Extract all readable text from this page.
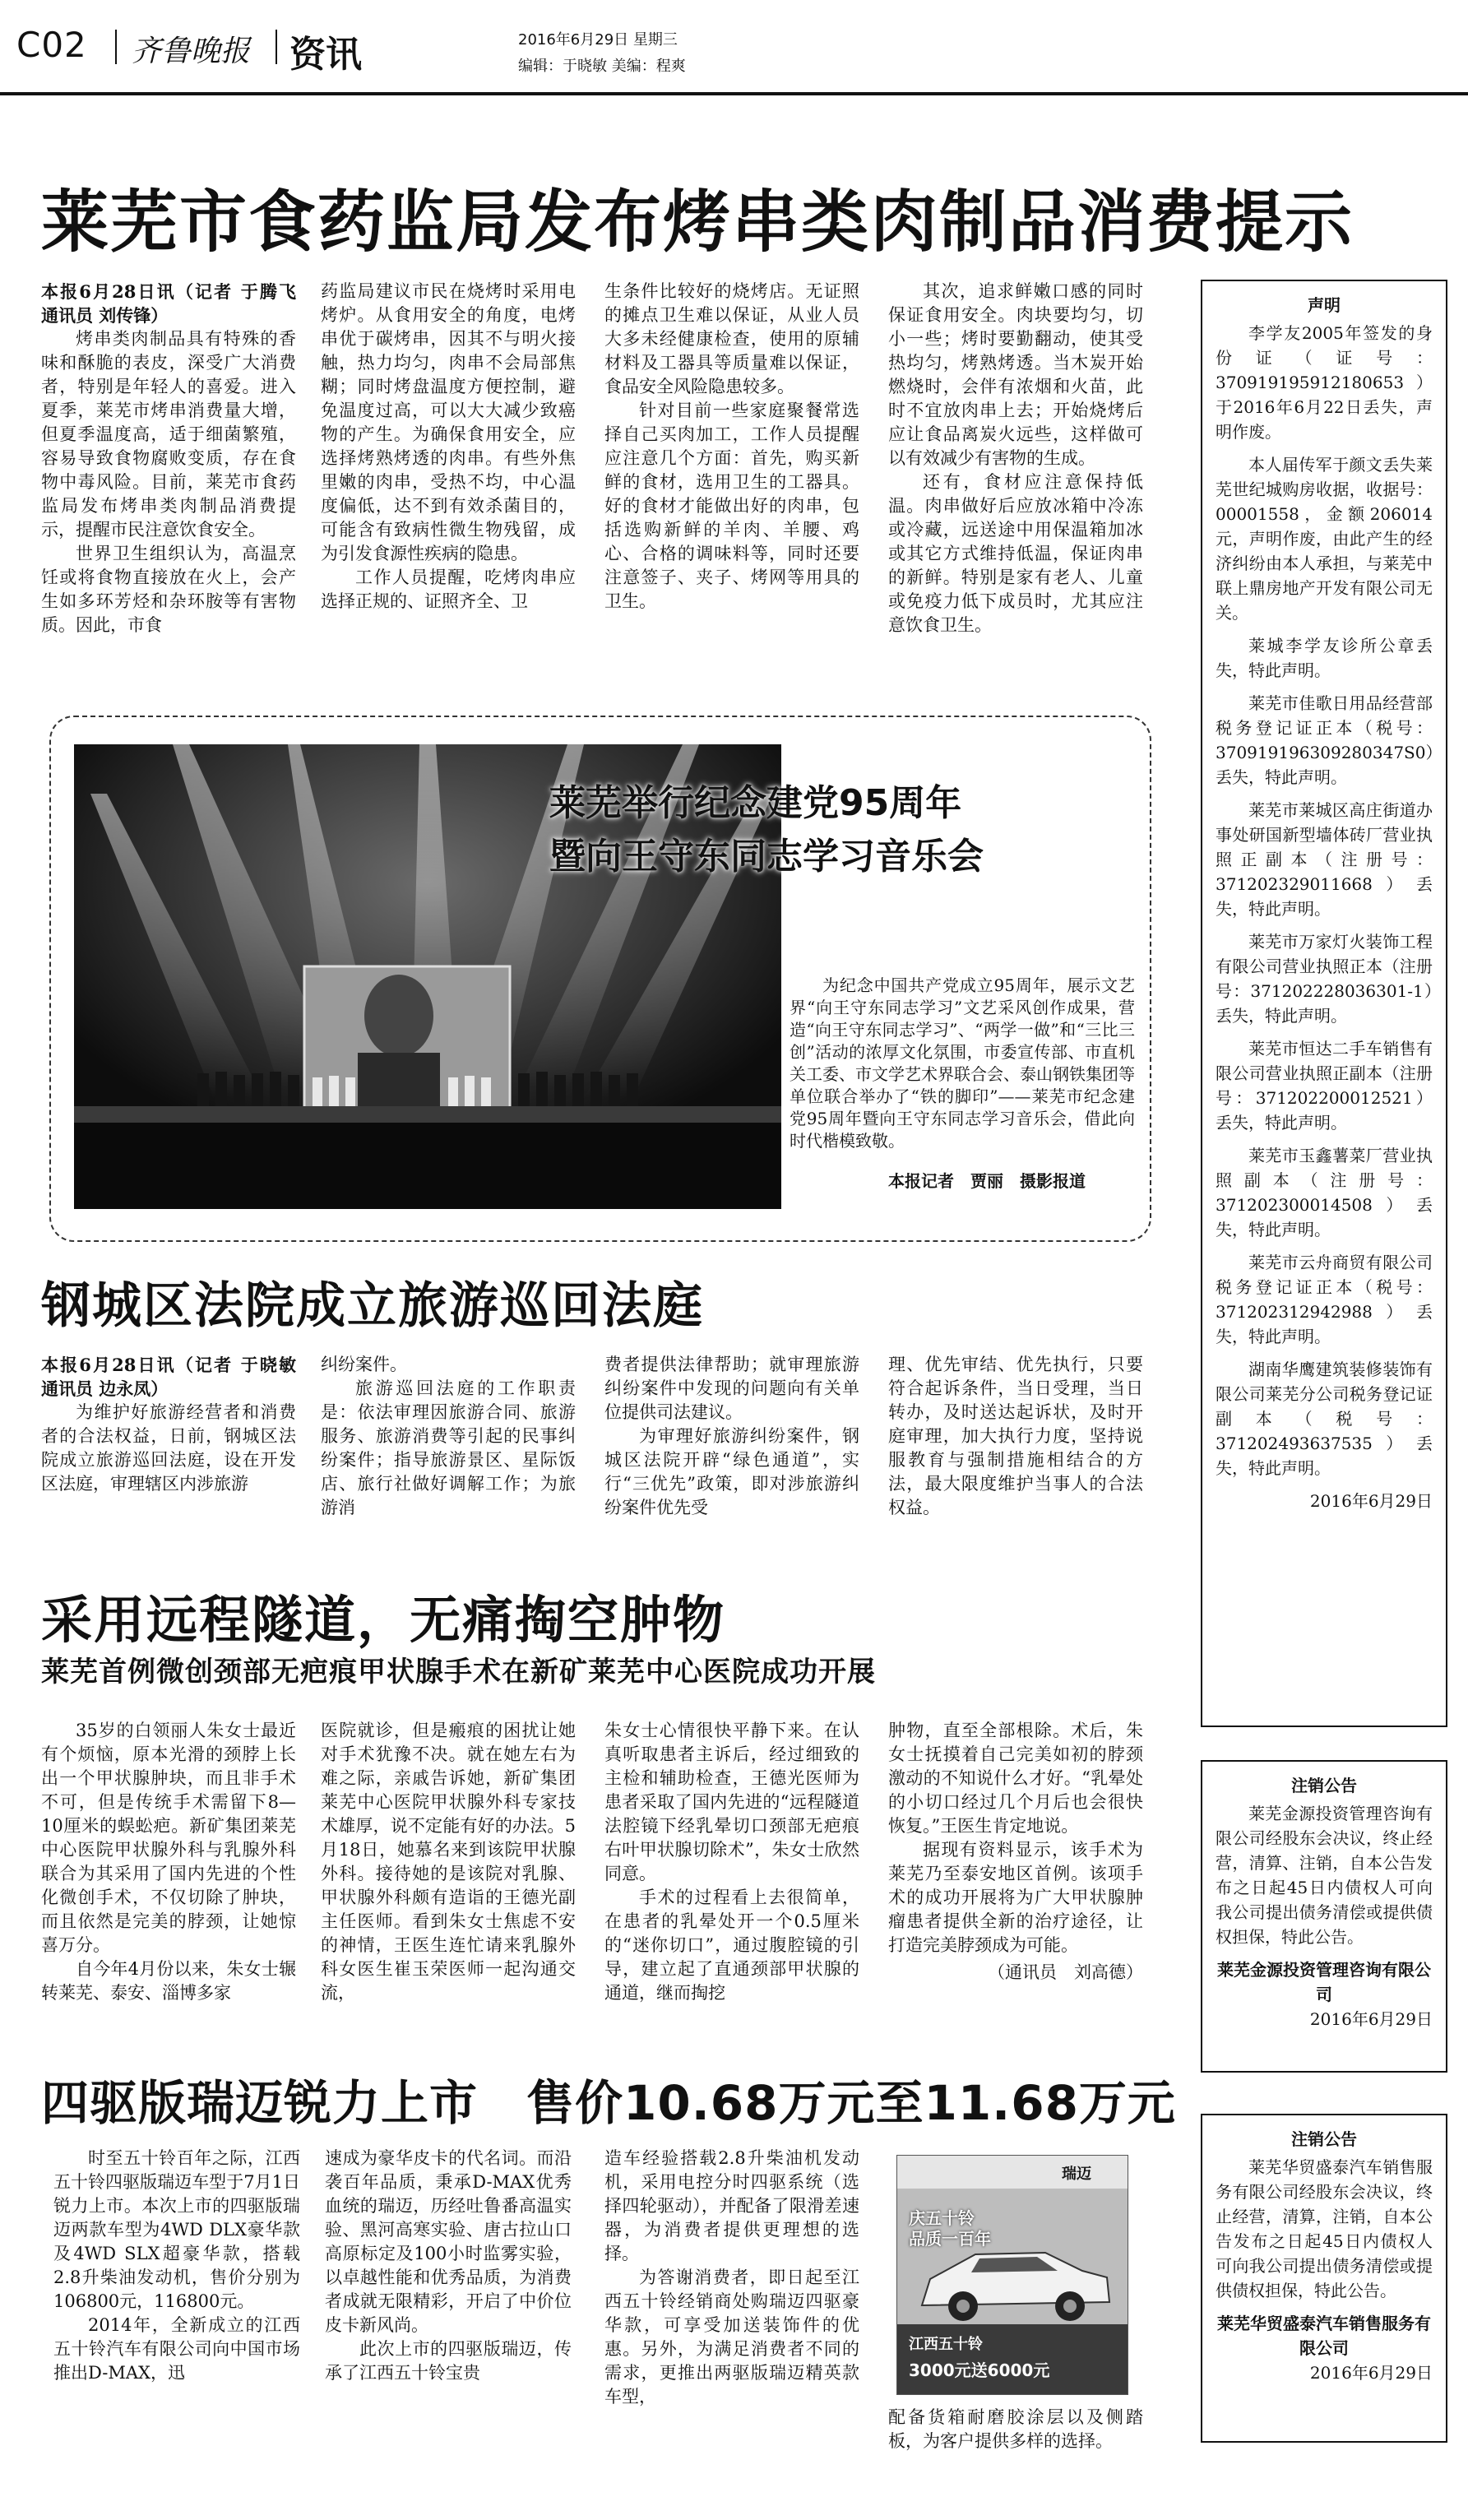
C02 齐鲁晚报 资讯	2016年6月29日 星期三
编辑：于晓敏 美编：程爽
莱芜市食药监局发布烤串类肉制品消费提示
本报6月28日讯（记者 于腾飞 通讯员 刘传锋）

烤串类肉制品具有特殊的香味和酥脆的表皮，深受广大消费者，特别是年轻人的喜爱。进入夏季，莱芜市烤串消费量大增，但夏季温度高，适于细菌繁殖，容易导致食物腐败变质，存在食物中毒风险。目前，莱芜市食药监局发布烤串类肉制品消费提示，提醒市民注意饮食安全。

世界卫生组织认为，高温烹饪或将食物直接放在火上，会产生如多环芳烃和杂环胺等有害物质。因此，市食

药监局建议市民在烧烤时采用电烤炉。从食用安全的角度，电烤串优于碳烤串，因其不与明火接触，热力均匀，肉串不会局部焦糊；同时烤盘温度方便控制，避免温度过高，可以大大减少致癌物的产生。为确保食用安全，应选择烤熟烤透的肉串。有些外焦里嫩的肉串，受热不均，中心温度偏低，达不到有效杀菌目的，可能含有致病性微生物残留，成为引发食源性疾病的隐患。

工作人员提醒，吃烤肉串应选择正规的、证照齐全、卫

生条件比较好的烧烤店。无证照的摊点卫生难以保证，从业人员大多未经健康检查，使用的原辅材料及工器具等质量难以保证，食品安全风险隐患较多。

针对目前一些家庭聚餐常选择自己买肉加工，工作人员提醒应注意几个方面：首先，购买新鲜的食材，选用卫生的工器具。好的食材才能做出好的肉串，包括选购新鲜的羊肉、羊腰、鸡心、合格的调味料等，同时还要注意签子、夹子、烤网等用具的卫生。

其次，追求鲜嫩口感的同时保证食用安全。肉块要均匀，切小一些；烤时要勤翻动，使其受热均匀，烤熟烤透。当木炭开始燃烧时，会伴有浓烟和火苗，此时不宜放肉串上去；开始烧烤后应让食品离炭火远些，这样做可以有效减少有害物的生成。

还有，食材应注意保持低温。肉串做好后应放冰箱中冷冻或冷藏，远送途中用保温箱加冰或其它方式维持低温，保证肉串的新鲜。特别是家有老人、儿童或免疫力低下成员时，尤其应注意饮食卫生。

莱芜举行纪念建党95周年
暨向王守东同志学习音乐会

为纪念中国共产党成立95周年，展示文艺界“向王守东同志学习”文艺采风创作成果，营造“向王守东同志学习”、“两学一做”和“三比三创”活动的浓厚文化氛围，市委宣传部、市直机关工委、市文学艺术界联合会、泰山钢铁集团等单位联合举办了“铁的脚印”——莱芜市纪念建党95周年暨向王守东同志学习音乐会，借此向时代楷模致敬。

本报记者　贾丽　摄影报道
钢城区法院成立旅游巡回法庭
本报6月28日讯（记者 于晓敏 通讯员 边永凤）

为维护好旅游经营者和消费者的合法权益，日前，钢城区法院成立旅游巡回法庭，设在开发区法庭，审理辖区内涉旅游

纠纷案件。

旅游巡回法庭的工作职责是：依法审理因旅游合同、旅游服务、旅游消费等引起的民事纠纷案件；指导旅游景区、星际饭店、旅行社做好调解工作；为旅游消

费者提供法律帮助；就审理旅游纠纷案件中发现的问题向有关单位提供司法建议。

为审理好旅游纠纷案件，钢城区法院开辟“绿色通道”，实行“三优先”政策，即对涉旅游纠纷案件优先受

理、优先审结、优先执行，只要符合起诉条件，当日受理，当日转办，及时送达起诉状，及时开庭审理，加大执行力度，坚持说服教育与强制措施相结合的方法，最大限度维护当事人的合法权益。

采用远程隧道，无痛掏空肿物
莱芜首例微创颈部无疤痕甲状腺手术在新矿莱芜中心医院成功开展

35岁的白领丽人朱女士最近有个烦恼，原本光滑的颈脖上长出一个甲状腺肿块，而且非手术不可，但是传统手术需留下8—10厘米的蜈蚣疤。新矿集团莱芜中心医院甲状腺外科与乳腺外科联合为其采用了国内先进的个性化微创手术，不仅切除了肿块，而且依然是完美的脖颈，让她惊喜万分。

自今年4月份以来，朱女士辗转莱芜、泰安、淄博多家

医院就诊，但是瘢痕的困扰让她对手术犹豫不决。就在她左右为难之际，亲戚告诉她，新矿集团莱芜中心医院甲状腺外科专家技术雄厚，说不定能有好的办法。5月18日，她慕名来到该院甲状腺外科。接待她的是该院对乳腺、甲状腺外科颇有造诣的王德光副主任医师。看到朱女士焦虑不安的神情，王医生连忙请来乳腺外科女医生崔玉荣医师一起沟通交流，

朱女士心情很快平静下来。在认真听取患者主诉后，经过细致的主检和辅助检查，王德光医师为患者采取了国内先进的“远程隧道法腔镜下经乳晕切口颈部无疤痕右叶甲状腺切除术”，朱女士欣然同意。

手术的过程看上去很简单，在患者的乳晕处开一个0.5厘米的“迷你切口”，通过腹腔镜的引导，建立起了直通颈部甲状腺的通道，继而掏挖

肿物，直至全部根除。术后，朱女士抚摸着自己完美如初的脖颈激动的不知说什么才好。“乳晕处的小切口经过几个月后也会很快恢复。”王医生肯定地说。

据现有资料显示，该手术为莱芜乃至泰安地区首例。该项手术的成功开展将为广大甲状腺肿瘤患者提供全新的治疗途径，让打造完美脖颈成为可能。

（通讯员　刘高德）
四驱版瑞迈锐力上市　售价10.68万元至11.68万元

时至五十铃百年之际，江西五十铃四驱版瑞迈车型于7月1日锐力上市。本次上市的四驱版瑞迈两款车型为4WD DLX豪华款及4WD SLX超豪华款，搭载2.8升柴油发动机，售价分别为106800元，116800元。

2014年，全新成立的江西五十铃汽车有限公司向中国市场推出D-MAX，迅

速成为豪华皮卡的代名词。而沿袭百年品质，秉承D-MAX优秀血统的瑞迈，历经吐鲁番高温实验、黑河高寒实验、唐古拉山口高原标定及100小时监雾实验，以卓越性能和优秀品质，为消费者成就无限精彩，开启了中价位皮卡新风尚。

此次上市的四驱版瑞迈，传承了江西五十铃宝贵

造车经验搭载2.8升柴油机发动机，采用电控分时四驱系统（选择四轮驱动），并配备了限滑差速器，为消费者提供更理想的选择。

为答谢消费者，即日起至江西五十铃经销商处购瑞迈四驱豪华款，可享受加送装饰件的优惠。另外，为满足消费者不同的需求，更推出两驱版瑞迈精英款车型，

配备货箱耐磨胶涂层以及侧踏板，为客户提供多样的选择。

瑞迈
庆五十铃
品质一百年
江西五十铃
3000元送6000元
声明

李学友2005年签发的身份证（证号：370919195912180653）于2016年6月22日丢失，声明作废。

本人届传军于颜文丢失莱芜世纪城购房收据，收据号：00001558，金额206014元，声明作废，由此产生的经济纠纷由本人承担，与莱芜中联上鼎房地产开发有限公司无关。

莱城李学友诊所公章丢失，特此声明。

莱芜市佳歌日用品经营部税务登记证正本（税号：370919196309280347S0）丢失，特此声明。

莱芜市莱城区高庄街道办事处研国新型墙体砖厂营业执照正副本（注册号：371202329011668）丢失，特此声明。

莱芜市万家灯火装饰工程有限公司营业执照正本（注册号：371202228036301-1）丢失，特此声明。

莱芜市恒达二手车销售有限公司营业执照正副本（注册号：371202200012521）丢失，特此声明。

莱芜市玉鑫薯菜厂营业执照副本（注册号：371202300014508）丢失，特此声明。

莱芜市云舟商贸有限公司税务登记证正本（税号：371202312942988）丢失，特此声明。

湖南华鹰建筑装修装饰有限公司莱芜分公司税务登记证副本（税号：371202493637535）丢失，特此声明。

2016年6月29日
注销公告

莱芜金源投资管理咨询有限公司经股东会决议，终止经营，清算、注销，自本公告发布之日起45日内债权人可向我公司提出债务清偿或提供债权担保，特此公告。

莱芜金源投资管理咨询有限公司
2016年6月29日
注销公告

莱芜华贸盛泰汽车销售服务有限公司经股东会决议，终止经营，清算，注销，自本公告发布之日起45日内债权人可向我公司提出债务清偿或提供债权担保，特此公告。

莱芜华贸盛泰汽车销售服务有限公司
2016年6月29日
